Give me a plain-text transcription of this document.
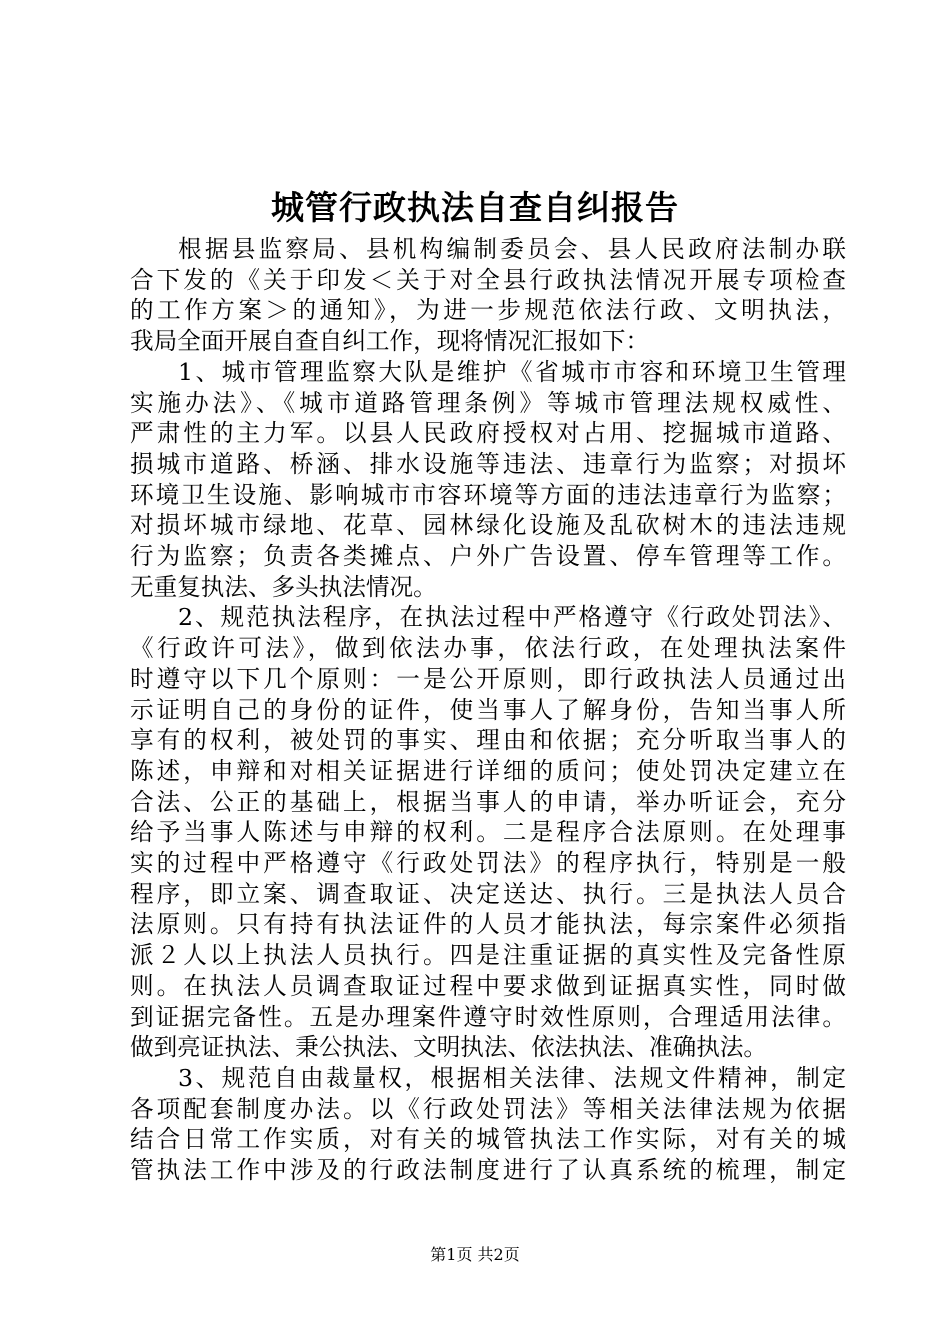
城管行政执法自查自纠报告
根据县监察局、县机构编制委员会、县人民政府法制办联
合下发的《关于印发＜关于对全县行政执法情况开展专项检查
的工作方案＞的通知》，为进一步规范依法行政、文明执法，
我局全面开展自查自纠工作，现将情况汇报如下：
1、城市管理监察大队是维护《省城市市容和环境卫生管理
实施办法》、《城市道路管理条例》等城市管理法规权威性、
严肃性的主力军。以县人民政府授权对占用、挖掘城市道路、
损城市道路、桥涵、排水设施等违法、违章行为监察；对损坏
环境卫生设施、影响城市市容环境等方面的违法违章行为监察；
对损坏城市绿地、花草、园林绿化设施及乱砍树木的违法违规
行为监察；负责各类摊点、户外广告设置、停车管理等工作。
无重复执法、多头执法情况。
2、规范执法程序，在执法过程中严格遵守《行政处罚法》、
《行政许可法》，做到依法办事，依法行政，在处理执法案件
时遵守以下几个原则：一是公开原则，即行政执法人员通过出
示证明自己的身份的证件，使当事人了解身份，告知当事人所
享有的权利，被处罚的事实、理由和依据；充分听取当事人的
陈述，申辩和对相关证据进行详细的质问；使处罚决定建立在
合法、公正的基础上，根据当事人的申请，举办听证会，充分
给予当事人陈述与申辩的权利。二是程序合法原则。在处理事
实的过程中严格遵守《行政处罚法》的程序执行，特别是一般
程序，即立案、调查取证、决定送达、执行。三是执法人员合
法原则。只有持有执法证件的人员才能执法，每宗案件必须指
派２人以上执法人员执行。四是注重证据的真实性及完备性原
则。在执法人员调查取证过程中要求做到证据真实性，同时做
到证据完备性。五是办理案件遵守时效性原则，合理适用法律。
做到亮证执法、秉公执法、文明执法、依法执法、准确执法。
3、规范自由裁量权，根据相关法律、法规文件精神，制定
各项配套制度办法。以《行政处罚法》等相关法律法规为依据
结合日常工作实质，对有关的城管执法工作实际，对有关的城
管执法工作中涉及的行政法制度进行了认真系统的梳理，制定
第1页 共2页
